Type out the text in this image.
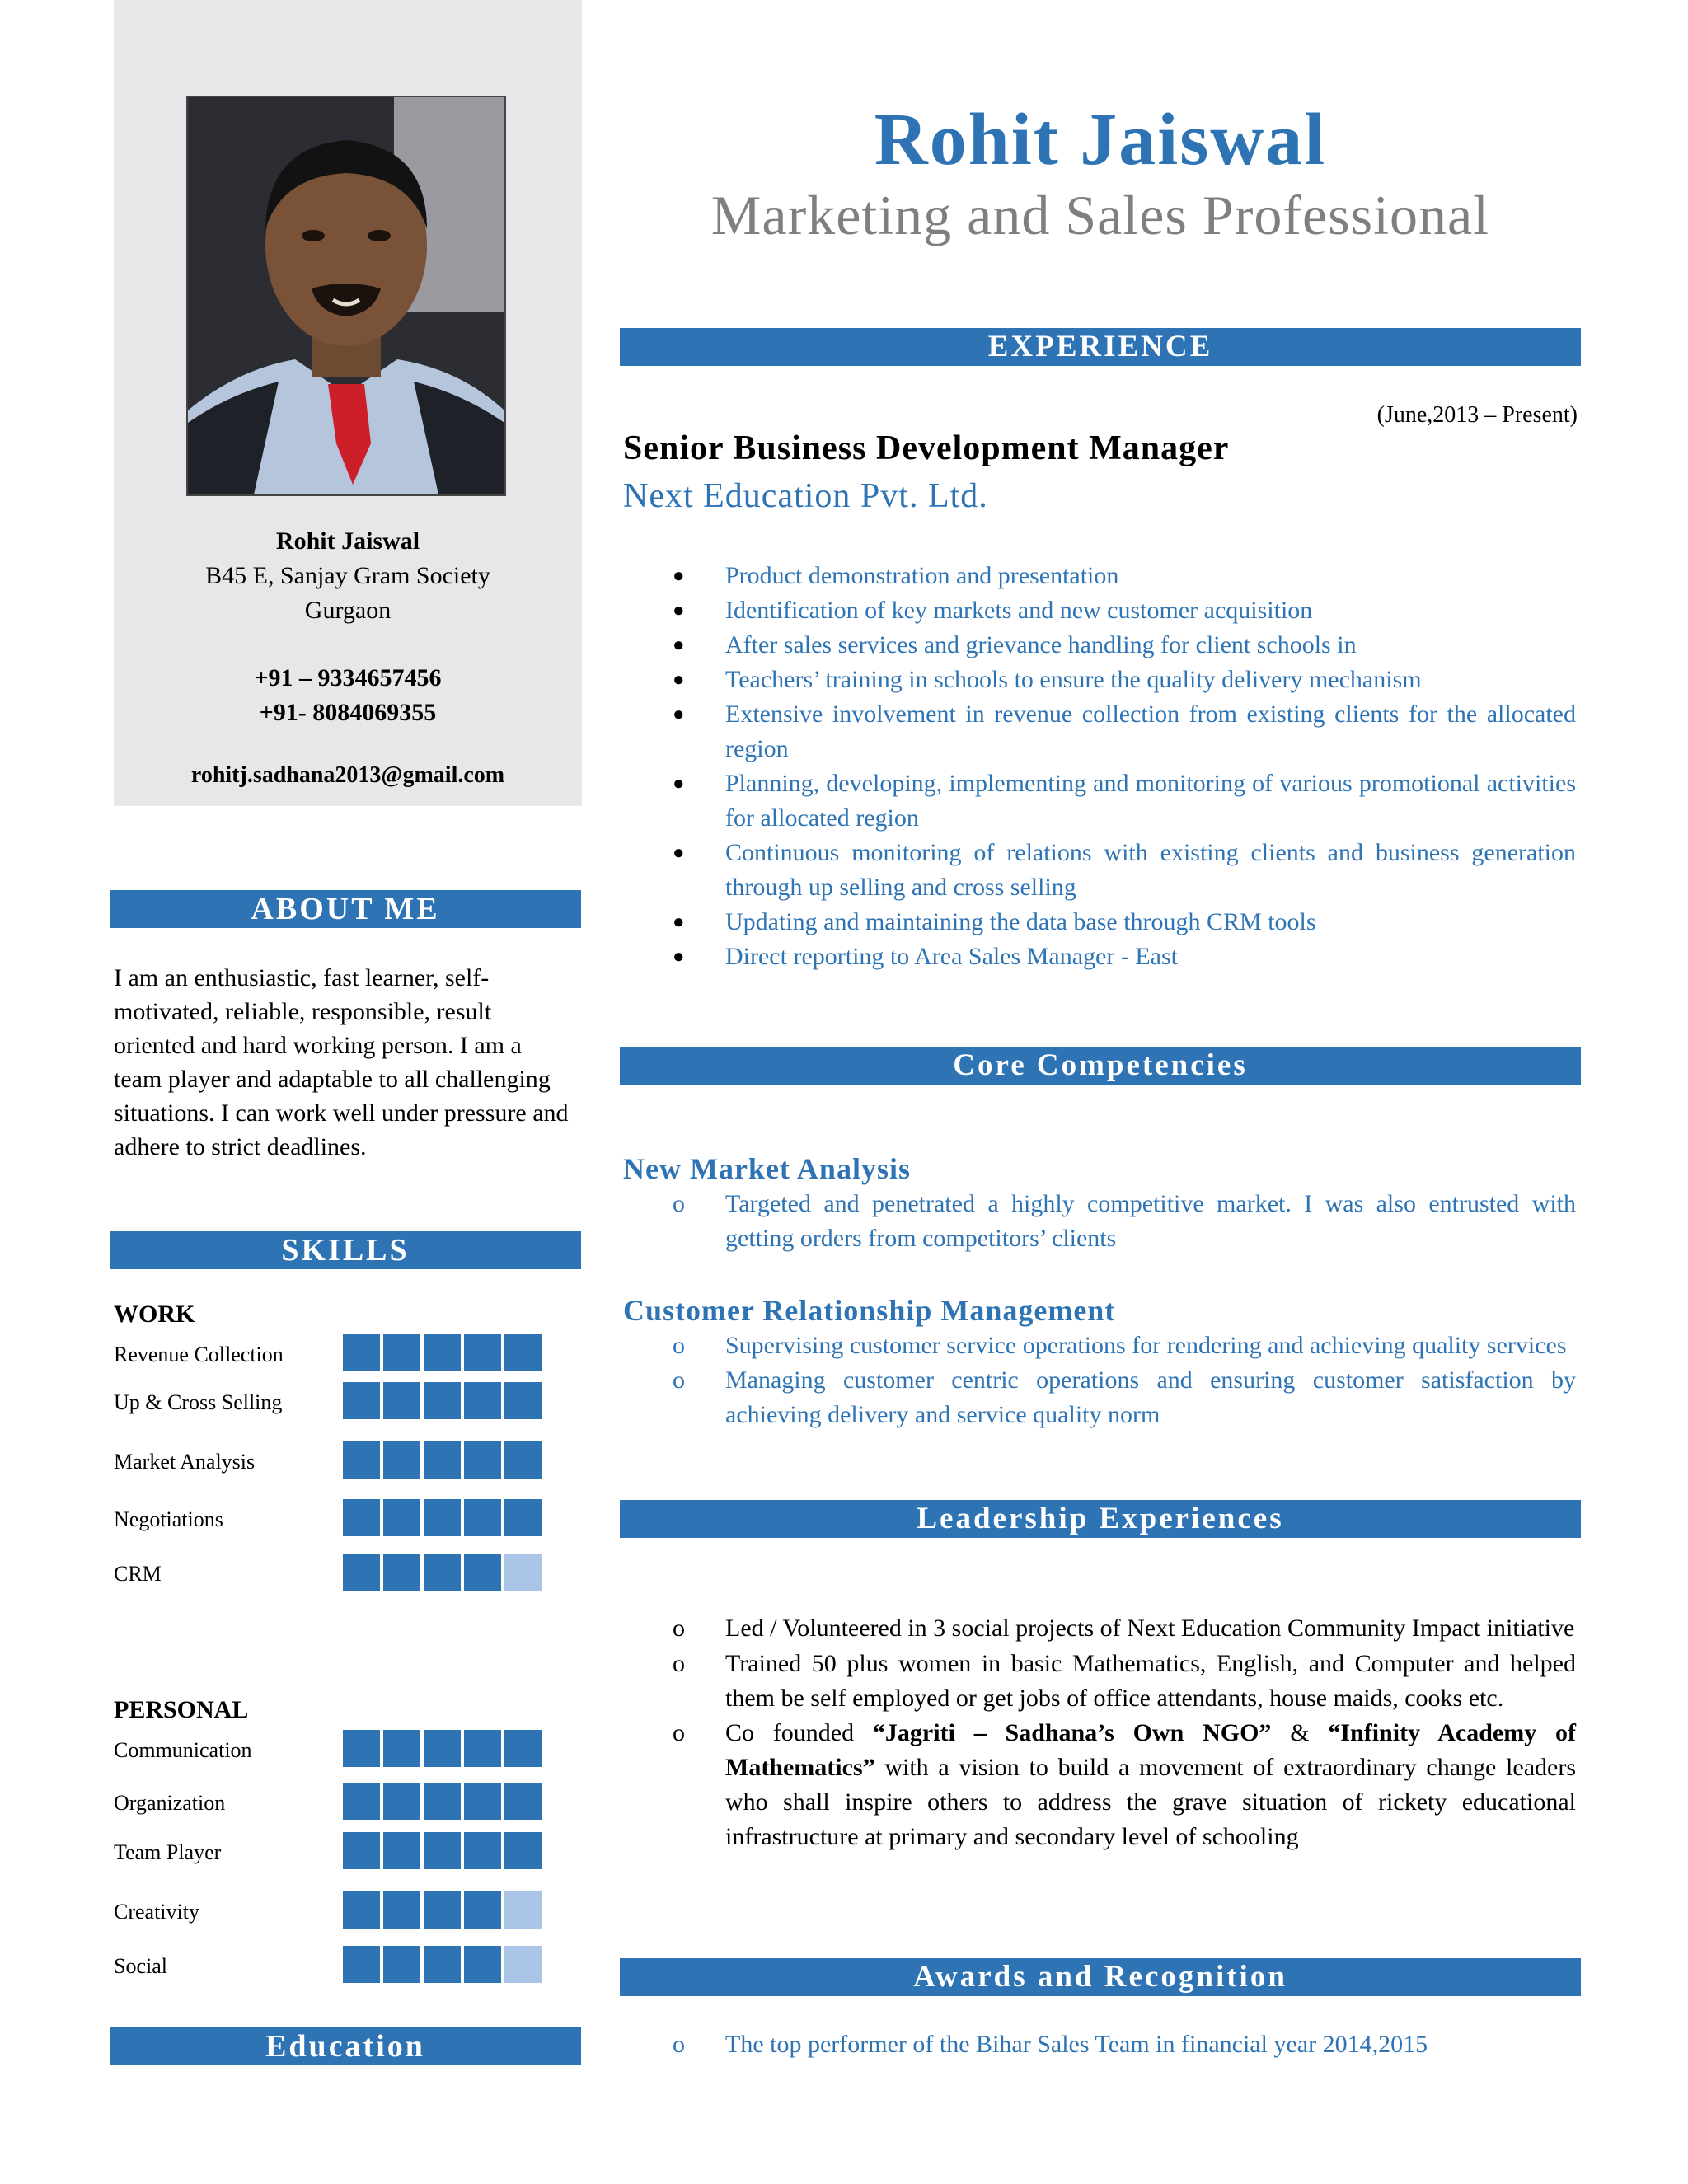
Rohit Jaiswal
B45 E, Sanjay Gram Society
Gurgaon
+91 – 9334657456
+91- 8084069355
rohitj.sadhana2013@gmail.com
ABOUT ME
I am an enthusiastic, fast learner, self-motivated, reliable, responsible, result oriented and hard working person. I am a team player and adaptable to all challenging situations. I can work well under pressure and adhere to strict deadlines.
SKILLS
WORK
Revenue Collection
Up & Cross Selling
Market Analysis
Negotiations
CRM
PERSONAL
Communication
Organization
Team Player
Creativity
Social
Education
Rohit Jaiswal
Marketing and Sales Professional
EXPERIENCE
(June,2013 – Present)
Senior Business Development Manager
Next Education Pvt. Ltd.
● Product demonstration and presentation
● Identification of key markets and new customer acquisition
● After sales services and grievance handling for client schools in
● Teachers’ training in schools to ensure the quality delivery mechanism
● Extensive involvement in revenue collection from existing clients for the allocated region
● Planning, developing, implementing and monitoring of various promotional activities for allocated region
● Continuous monitoring of relations with existing clients and business generation through up selling and cross selling
● Updating and maintaining the data base through CRM tools
● Direct reporting to Area Sales Manager - East
Core Competencies
New Market Analysis
o Targeted and penetrated a highly competitive market. I was also entrusted with getting orders from competitors’ clients
Customer Relationship Management
o Supervising customer service operations for rendering and achieving quality services
o Managing customer centric operations and ensuring customer satisfaction by achieving delivery and service quality norm
Leadership Experiences
o Led / Volunteered in 3 social projects of Next Education Community Impact initiative
o Trained 50 plus women in basic Mathematics, English, and Computer and helped them be self employed or get jobs of office attendants, house maids, cooks etc.
o Co founded “Jagriti – Sadhana’s Own NGO” & “Infinity Academy of Mathematics” with a vision to build a movement of extraordinary change leaders who shall inspire others to address the grave situation of rickety educational infrastructure at primary and secondary level of schooling
Awards and Recognition
o The top performer of the Bihar Sales Team in financial year 2014,2015
